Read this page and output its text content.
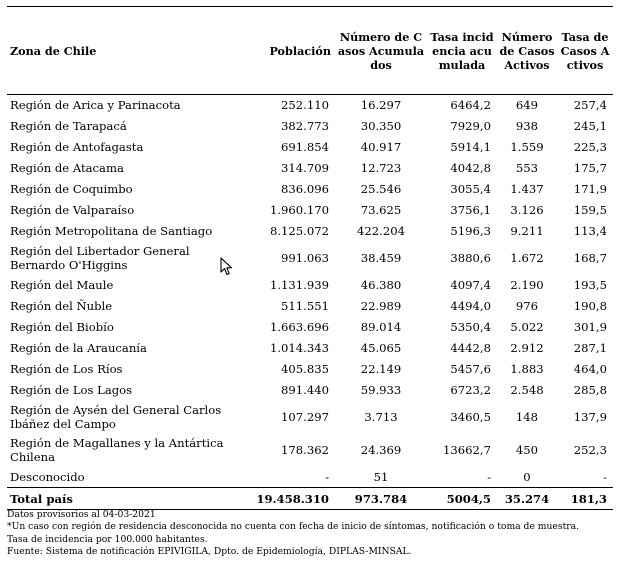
Zona de Chile	Población	Número de Casos Acumulados	Tasa incidencia acumulada	Número de Casos Activos	Tasa de Casos Activos
Región de Arica y Parinacota	252.110	16.297	6464,2	649	257,4
Región de Tarapacá	382.773	30.350	7929,0	938	245,1
Región de Antofagasta	691.854	40.917	5914,1	1.559	225,3
Región de Atacama	314.709	12.723	4042,8	553	175,7
Región de Coquimbo	836.096	25.546	3055,4	1.437	171,9
Región de Valparaíso	1.960.170	73.625	3756,1	3.126	159,5
Región Metropolitana de Santiago	8.125.072	422.204	5196,3	9.211	113,4
Región del Libertador General Bernardo O'Higgins	991.063	38.459	3880,6	1.672	168,7
Región del Maule	1.131.939	46.380	4097,4	2.190	193,5
Región del Ñuble	511.551	22.989	4494,0	976	190,8
Región del Biobío	1.663.696	89.014	5350,4	5.022	301,9
Región de la Araucanía	1.014.343	45.065	4442,8	2.912	287,1
Región de Los Ríos	405.835	22.149	5457,6	1.883	464,0
Región de Los Lagos	891.440	59.933	6723,2	2.548	285,8
Región de Aysén del General Carlos Ibáñez del Campo	107.297	3.713	3460,5	148	137,9
Región de Magallanes y la Antártica Chilena	178.362	24.369	13662,7	450	252,3
Desconocido	-	51	-	0	-
Total país	19.458.310	973.784	5004,5	35.274	181,3
Datos provisorios al 04-03-2021
*Un caso con región de residencia desconocida no cuenta con fecha de inicio de síntomas, notificación o toma de muestra.
Tasa de incidencia por 100.000 habitantes.
Fuente: Sistema de notificación EPIVIGILA, Dpto. de Epidemiología, DIPLAS-MINSAL.
